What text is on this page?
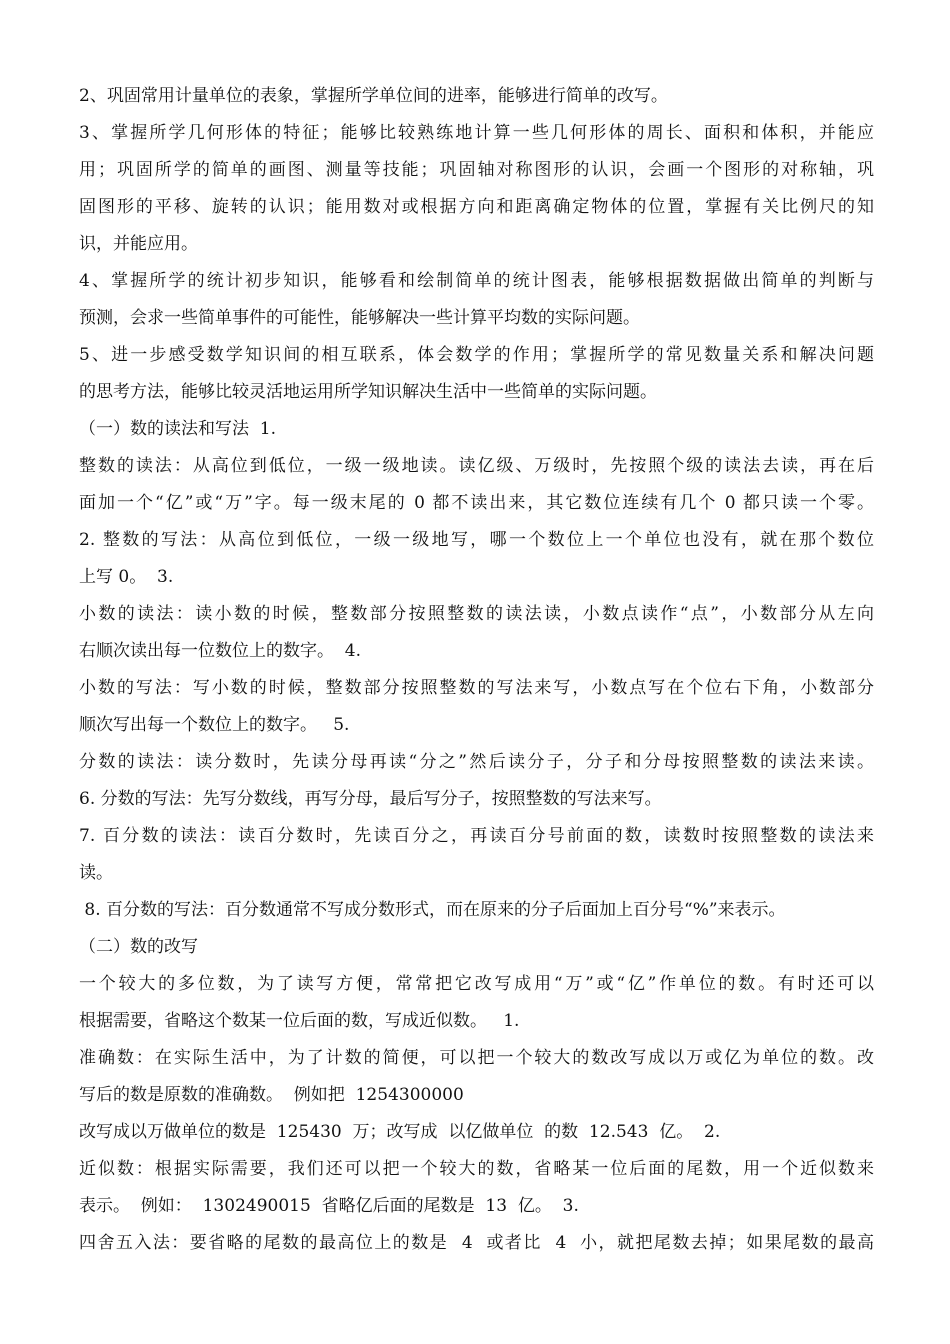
2、巩固常用计量单位的表象，掌握所学单位间的进率，能够进行简单的改写。
3、掌握所学几何形体的特征；能够比较熟练地计算一些几何形体的周长、面积和体积，并能应
用；巩固所学的简单的画图、测量等技能；巩固轴对称图形的认识，会画一个图形的对称轴，巩
固图形的平移、旋转的认识；能用数对或根据方向和距离确定物体的位置，掌握有关比例尺的知
识，并能应用。
4、掌握所学的统计初步知识，能够看和绘制简单的统计图表，能够根据数据做出简单的判断与
预测，会求一些简单事件的可能性，能够解决一些计算平均数的实际问题。
5、进一步感受数学知识间的相互联系，体会数学的作用；掌握所学的常见数量关系和解决问题
的思考方法，能够比较灵活地运用所学知识解决生活中一些简单的实际问题。
（一）数的读法和写法  1.
整数的读法：从高位到低位，一级一级地读。读亿级、万级时，先按照个级的读法去读，再在后
面加一个“亿”或“万”字。每一级末尾的 0 都不读出来，其它数位连续有几个 0 都只读一个零。
2. 整数的写法：从高位到低位，一级一级地写，哪一个数位上一个单位也没有，就在那个数位
上写 0。  3.
小数的读法：读小数的时候，整数部分按照整数的读法读，小数点读作“点”，小数部分从左向
右顺次读出每一位数位上的数字。  4.
小数的写法：写小数的时候，整数部分按照整数的写法来写，小数点写在个位右下角，小数部分
顺次写出每一个数位上的数字。   5.
分数的读法：读分数时，先读分母再读“分之”然后读分子，分子和分母按照整数的读法来读。
6. 分数的写法：先写分数线，再写分母，最后写分子，按照整数的写法来写。
7. 百分数的读法：读百分数时，先读百分之，再读百分号前面的数，读数时按照整数的读法来
读。
8. 百分数的写法：百分数通常不写成分数形式，而在原来的分子后面加上百分号“%”来表示。
（二）数的改写
一个较大的多位数，为了读写方便，常常把它改写成用“万”或“亿”作单位的数。有时还可以
根据需要，省略这个数某一位后面的数，写成近似数。   1.
准确数：在实际生活中，为了计数的简便，可以把一个较大的数改写成以万或亿为单位的数。改
写后的数是原数的准确数。  例如把  1254300000
改写成以万做单位的数是  125430  万；改写成  以亿做单位  的数  12.543  亿。  2.
近似数：根据实际需要，我们还可以把一个较大的数，省略某一位后面的尾数，用一个近似数来
表示。  例如：  1302490015  省略亿后面的尾数是  13  亿。  3.
四舍五入法：要省略的尾数的最高位上的数是  4  或者比  4  小，就把尾数去掉；如果尾数的最高
